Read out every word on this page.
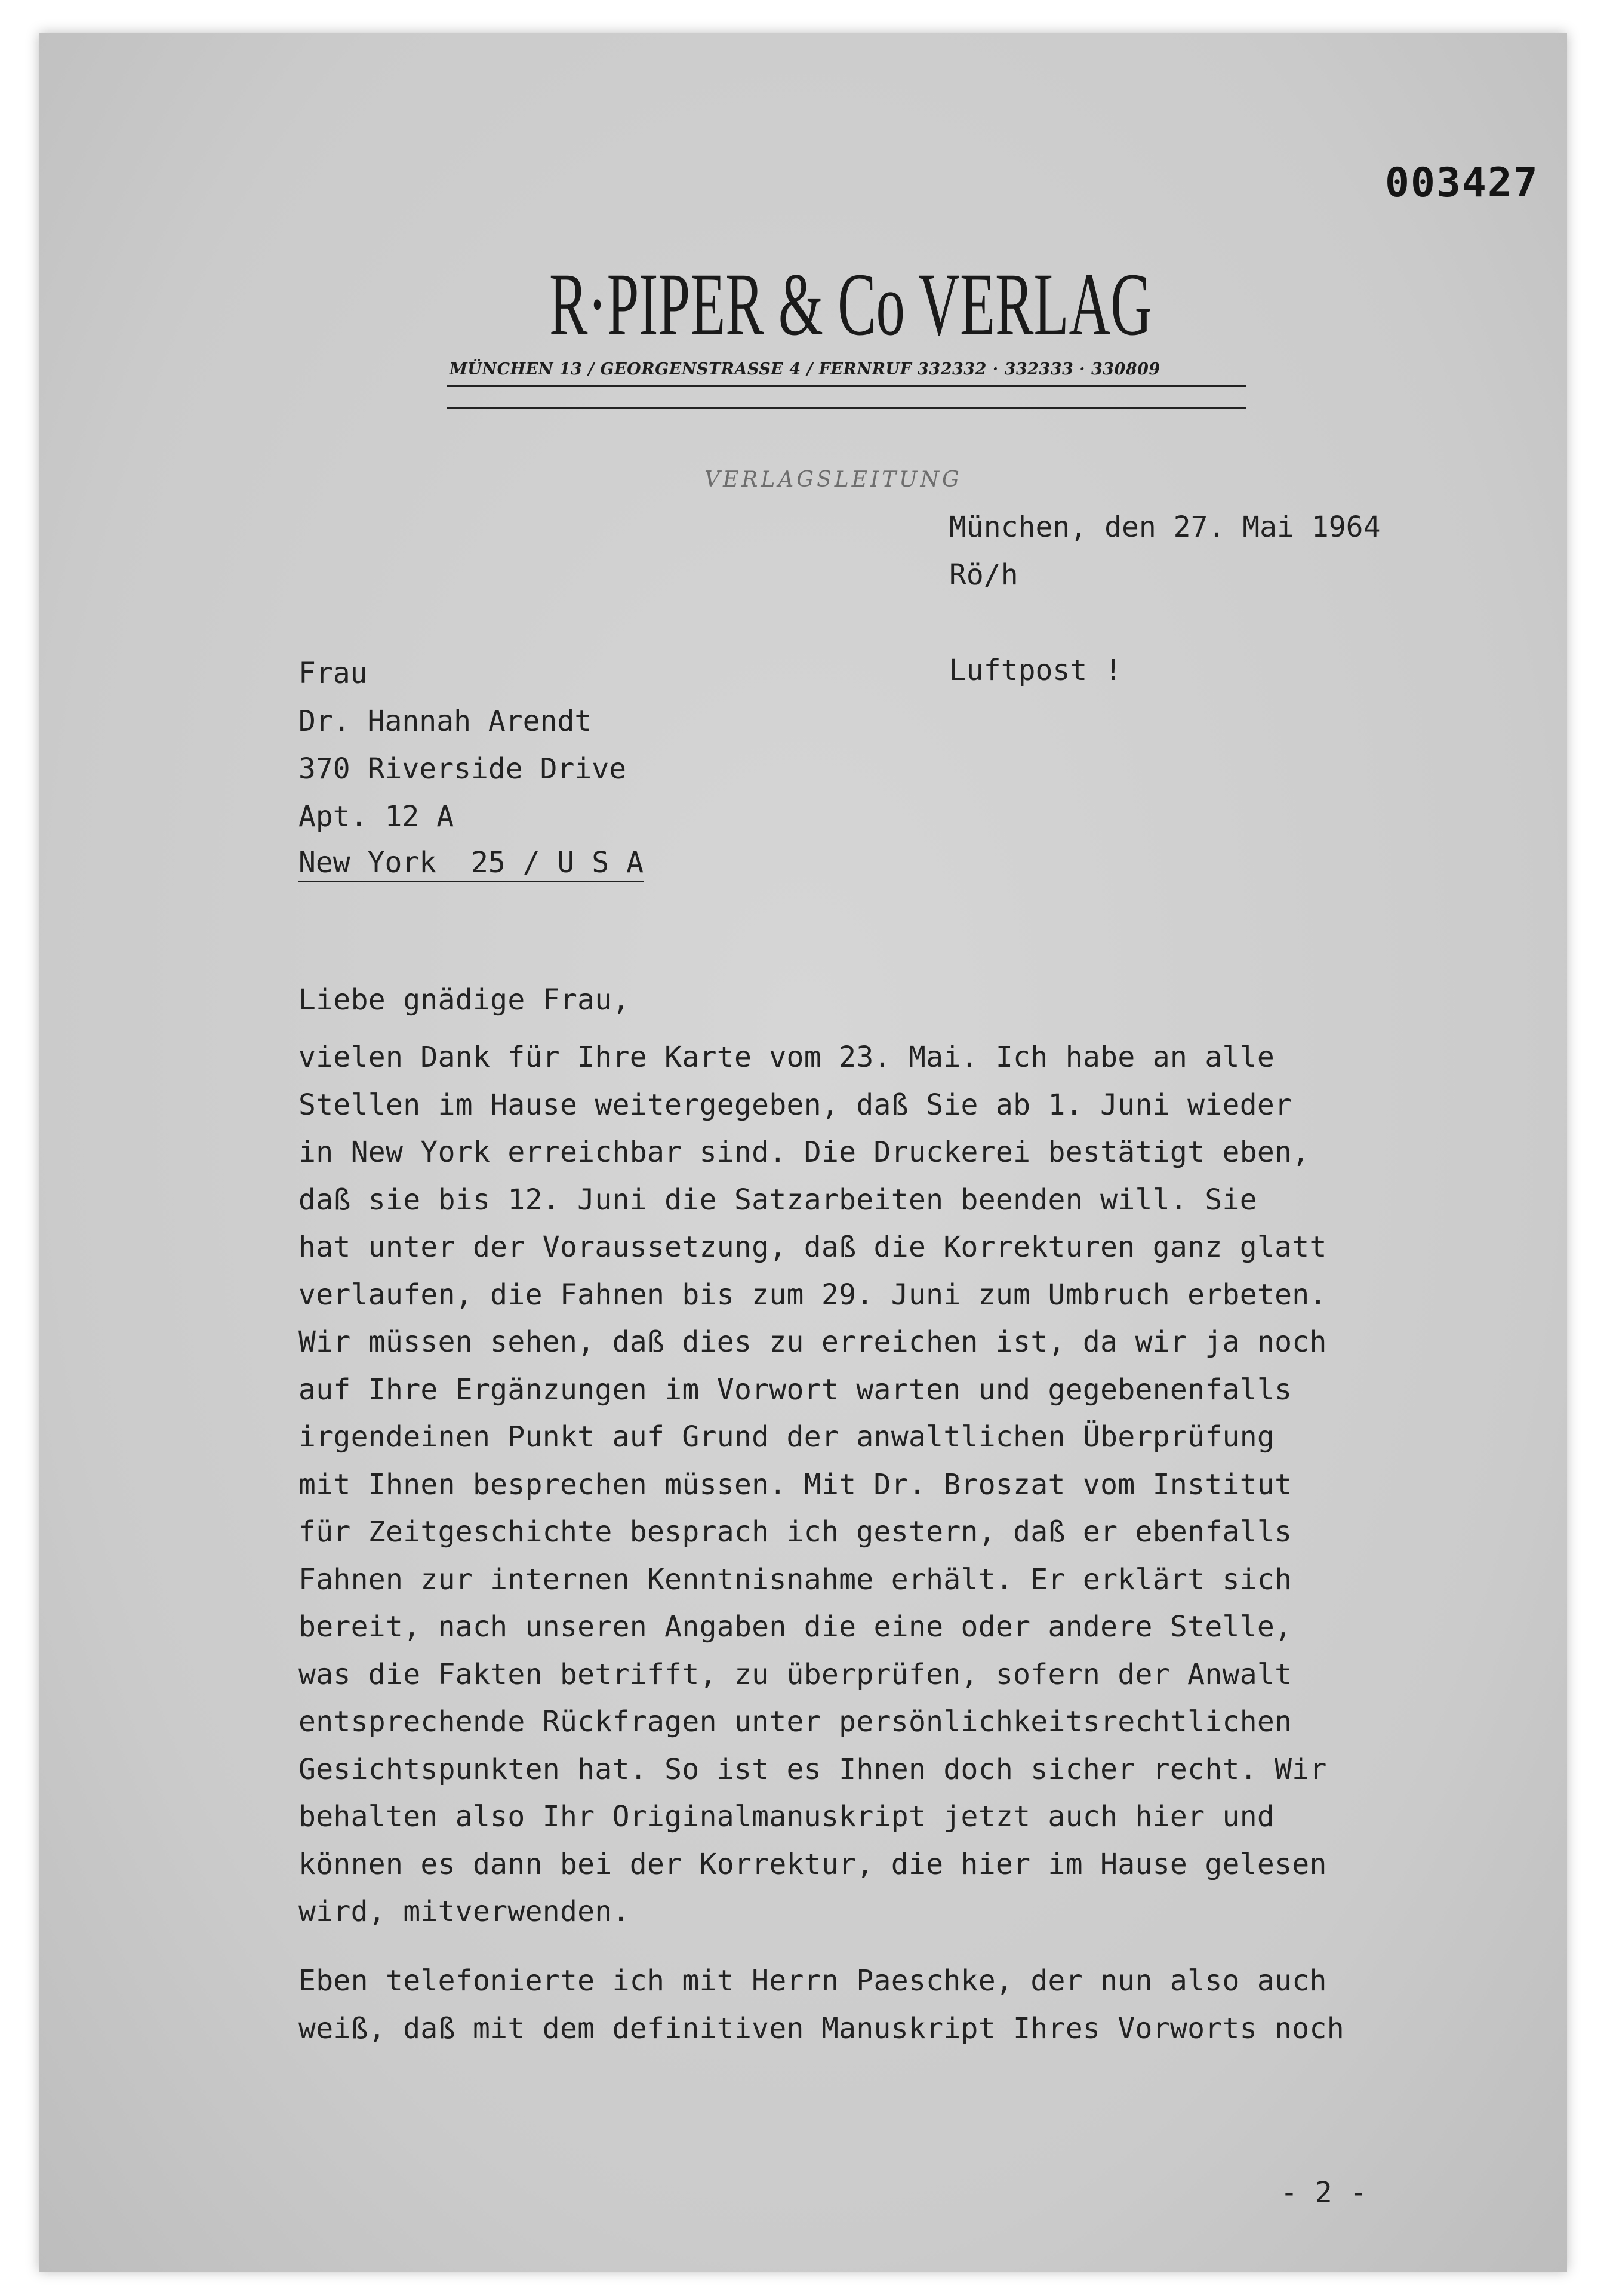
003427
R·PIPER & Co VERLAG
MÜNCHEN 13 / GEORGENSTRASSE 4 / FERNRUF 332332 · 332333 · 330809
VERLAGSLEITUNG
München, den 27. Mai 1964
Rö/h
Luftpost !
Frau
Dr. Hannah Arendt
370 Riverside Drive
Apt. 12 A
New York  25 / U S A
Liebe gnädige Frau,
vielen Dank für Ihre Karte vom 23. Mai. Ich habe an alle
Stellen im Hause weitergegeben, daß Sie ab 1. Juni wieder
in New York erreichbar sind. Die Druckerei bestätigt eben,
daß sie bis 12. Juni die Satzarbeiten beenden will. Sie
hat unter der Voraussetzung, daß die Korrekturen ganz glatt
verlaufen, die Fahnen bis zum 29. Juni zum Umbruch erbeten.
Wir müssen sehen, daß dies zu erreichen ist, da wir ja noch
auf Ihre Ergänzungen im Vorwort warten und gegebenenfalls
irgendeinen Punkt auf Grund der anwaltlichen Überprüfung
mit Ihnen besprechen müssen. Mit Dr. Broszat vom Institut
für Zeitgeschichte besprach ich gestern, daß er ebenfalls
Fahnen zur internen Kenntnisnahme erhält. Er erklärt sich
bereit, nach unseren Angaben die eine oder andere Stelle,
was die Fakten betrifft, zu überprüfen, sofern der Anwalt
entsprechende Rückfragen unter persönlichkeitsrechtlichen
Gesichtspunkten hat. So ist es Ihnen doch sicher recht. Wir
behalten also Ihr Originalmanuskript jetzt auch hier und
können es dann bei der Korrektur, die hier im Hause gelesen
wird, mitverwenden.
Eben telefonierte ich mit Herrn Paeschke, der nun also auch
weiß, daß mit dem definitiven Manuskript Ihres Vorworts noch
- 2 -
